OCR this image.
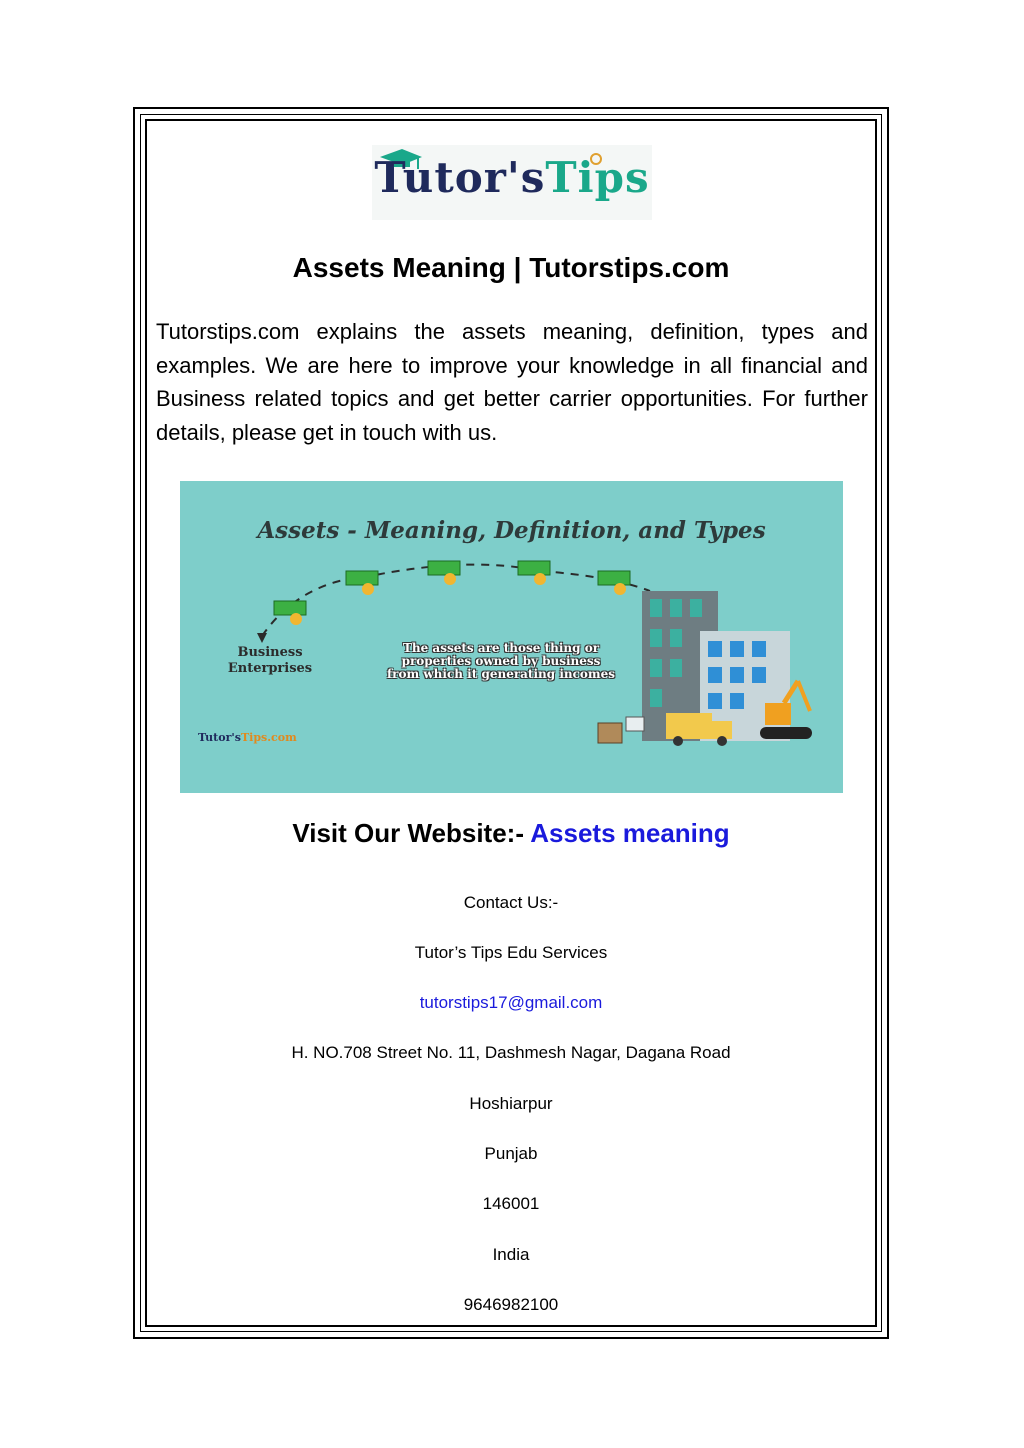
Tutor'sTips
Assets Meaning | Tutorstips.com
Tutorstips.com explains the assets meaning, definition, types and examples. We are here to improve your knowledge in all financial and Business related topics and get better carrier opportunities. For further details, please get in touch with us.
Assets - Meaning, Definition, and Types
Business
Enterprises
The assets are those thing or
properties owned by business
from which it generating incomes
Tutor'sTips.com
Visit Our Website:- Assets meaning
Contact Us:-
Tutor’s Tips Edu Services
tutorstips17@gmail.com
H. NO.708 Street No. 11, Dashmesh Nagar, Dagana Road
Hoshiarpur
Punjab
146001
India
9646982100
